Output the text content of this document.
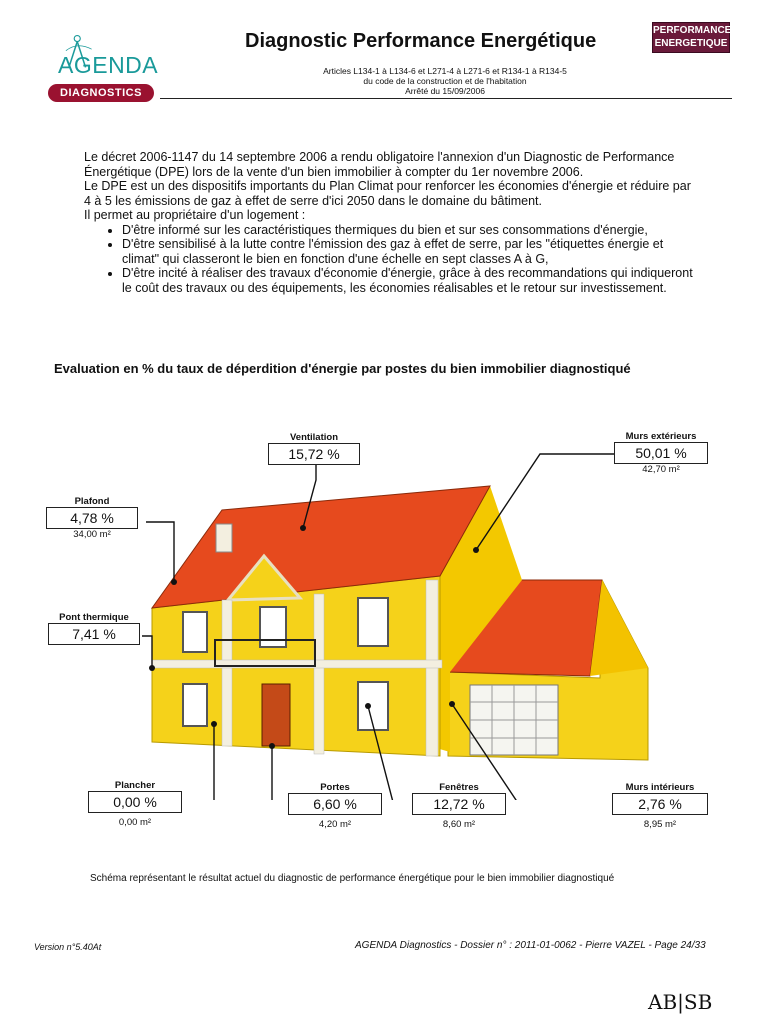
AGENDA
DIAGNOSTICS
Diagnostic Performance Energétique	PERFORMANCE
ENERGETIQUE
Articles L134-1 à L134-6 et L271-4 à L271-6 et R134-1 à R134-5
du code de la construction et de l'habitation
Arrêté du 15/09/2006

Le décret 2006-1147 du 14 septembre 2006 a rendu obligatoire l'annexion d'un Diagnostic de Performance Énergétique (DPE) lors de la vente d'un bien immobilier à compter du 1er novembre 2006.

Le DPE est un des dispositifs importants du Plan Climat pour renforcer les économies d'énergie et réduire par 4 à 5 les émissions de gaz à effet de serre d'ici 2050 dans le domaine du bâtiment.

Il permet au propriétaire d'un logement :

• D'être informé sur les caractéristiques thermiques du bien et sur ses consommations d'énergie,
• D'être sensibilisé à la lutte contre l'émission des gaz à effet de serre, par les "étiquettes énergie et climat" qui classeront le bien en fonction d'une échelle en sept classes A à G,
• D'être incité à réaliser des travaux d'économie d'énergie, grâce à des recommandations qui indiqueront le coût des travaux ou des équipements, les économies réalisables et le retour sur investissement.
Evaluation en % du taux de déperdition d'énergie par postes du bien immobilier diagnostiqué
Ventilation
15,72 %
Murs extérieurs
50,01 %
42,70 m²
Plafond
4,78 %
34,00 m²
Pont thermique
7,41 %
Plancher
0,00 %
0,00 m²
Portes
6,60 %
4,20 m²
Fenêtres
12,72 %
8,60 m²
Murs intérieurs
2,76 %
8,95 m²
Schéma représentant le résultat actuel du diagnostic de performance énergétique pour le bien immobilier diagnostiqué
Version n°5.40At	AGENDA Diagnostics - Dossier n° : 2011-01-0062 - Pierre VAZEL - Page 24/33
AB|SB
